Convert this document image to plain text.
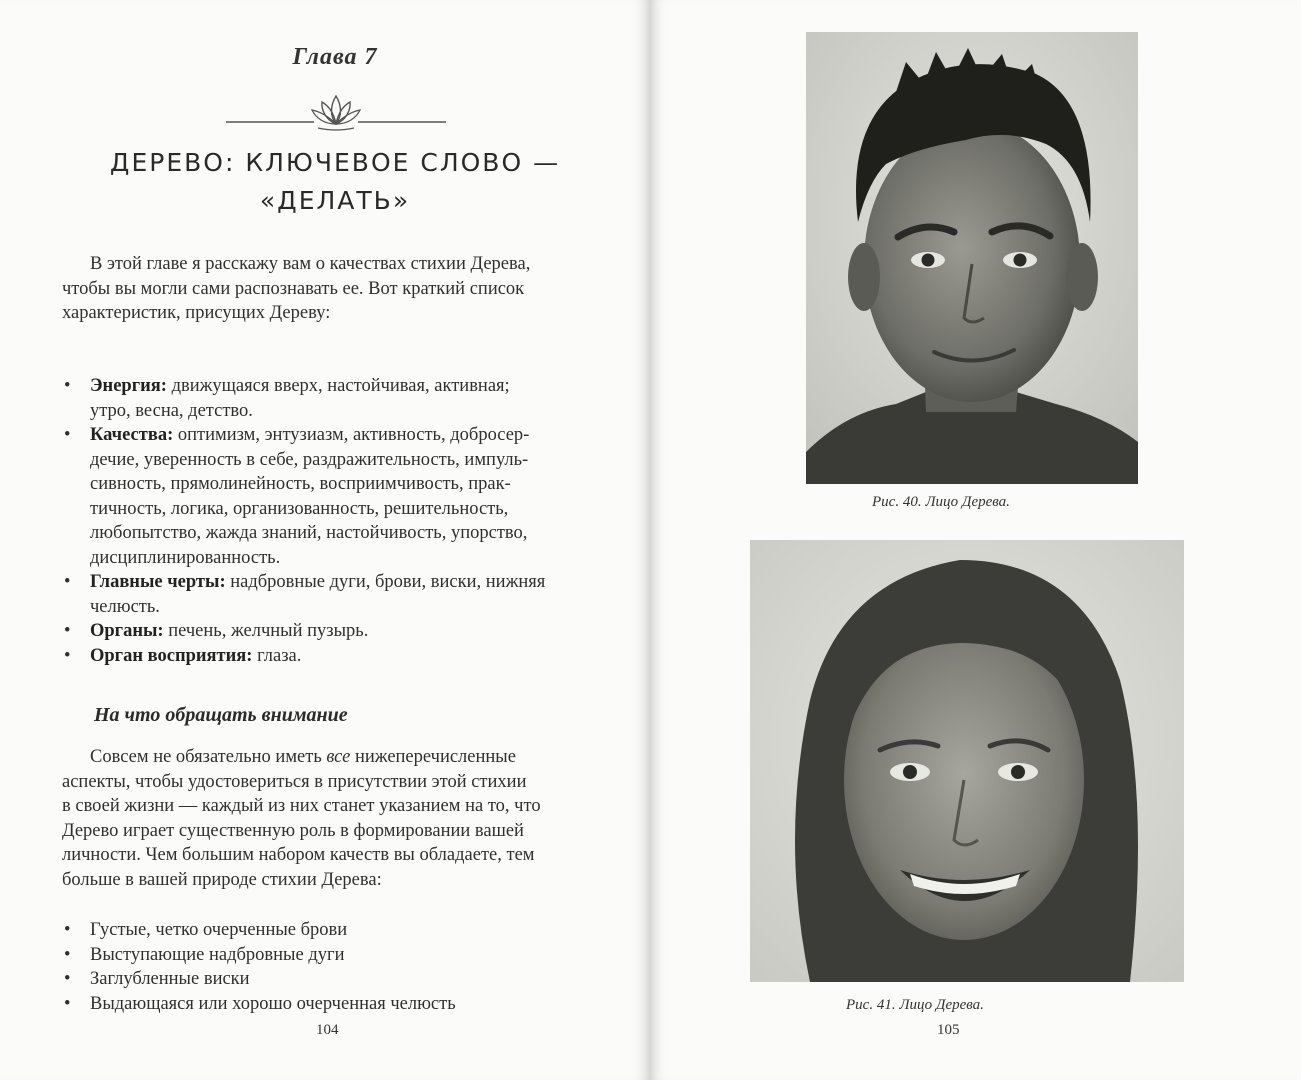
Глава 7
ДЕРЕВО: КЛЮЧЕВОЕ СЛОВО —
«ДЕЛАТЬ»
В этой главе я расскажу вам о качествах стихии Дерева,
чтобы вы могли сами распознавать ее. Вот краткий список
характеристик, присущих Дереву:
• Энергия: движущаяся вверх, настойчивая, активная;
утро, весна, детство.
• Качества: оптимизм, энтузиазм, активность, добросер-
дечие, уверенность в себе, раздражительность, импуль-
сивность, прямолинейность, восприимчивость, прак-
тичность, логика, организованность, решительность,
любопытство, жажда знаний, настойчивость, упорство,
дисциплинированность.
• Главные черты: надбровные дуги, брови, виски, нижняя
челюсть.
• Органы: печень, желчный пузырь.
• Орган восприятия: глаза.
На что обращать внимание
Совсем не обязательно иметь все нижеперечисленные
аспекты, чтобы удостовериться в присутствии этой стихии
в своей жизни — каждый из них станет указанием на то, что
Дерево играет существенную роль в формировании вашей
личности. Чем большим набором качеств вы обладаете, тем
больше в вашей природе стихии Дерева:
• Густые, четко очерченные брови
• Выступающие надбровные дуги
• Заглубленные виски
• Выдающаяся или хорошо очерченная челюсть
104
Рис. 40. Лицо Дерева.
Рис. 41. Лицо Дерева.
105
